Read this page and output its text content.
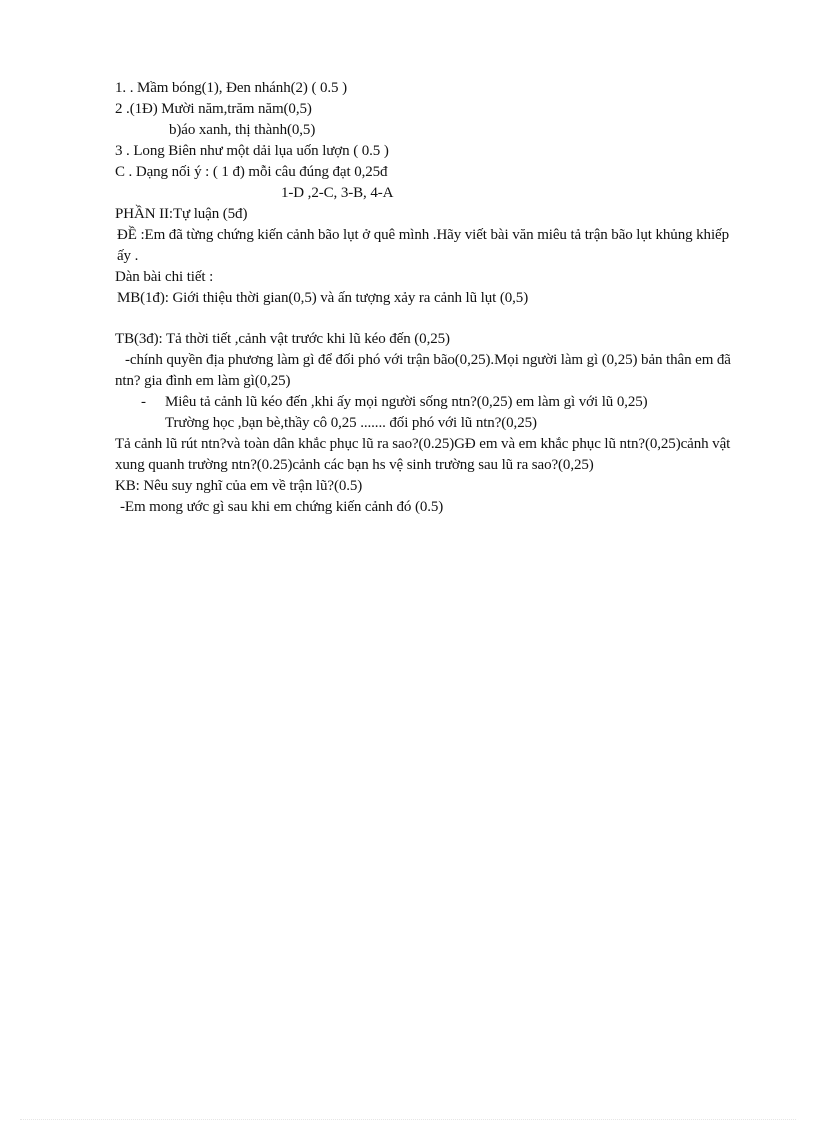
1. . Mầm bóng(1), Đen nhánh(2) ( 0.5 )
2 .(1Đ) Mười năm,trăm năm(0,5)
b)áo xanh, thị thành(0,5)
3 . Long Biên như một dải lụa uốn lượn ( 0.5 )
C . Dạng nối ý : ( 1 đ) mỗi câu đúng đạt 0,25đ
1-D ,2-C, 3-B, 4-A
PHẦN II:Tự luận (5đ)
ĐỀ :Em đã từng chứng kiến cảnh bão lụt ở quê mình .Hãy viết bài văn miêu tả trận bão lụt khủng khiếp ấy .
Dàn bài chi tiết :
MB(1đ): Giới thiệu thời gian(0,5) và ấn tượng xảy ra cảnh lũ lụt (0,5)
TB(3đ): Tả thời tiết ,cảnh vật trước khi lũ kéo đến (0,25)
-chính quyền địa phương làm gì để đối phó với trận bão(0,25).Mọi người làm gì (0,25) bản thân em đã ntn? gia đình em làm gì(0,25)
- Miêu tả cảnh lũ kéo đến ,khi ấy mọi người sống ntn?(0,25) em làm gì với lũ 0,25)
Trường học ,bạn bè,thầy cô 0,25 ....... đối phó với lũ ntn?(0,25)
Tả cảnh lũ rút ntn?và toàn dân khắc phục lũ ra sao?(0.25)GĐ em và em khắc phục lũ ntn?(0,25)cảnh vật xung quanh trường ntn?(0.25)cảnh các bạn hs vệ sinh trường sau lũ ra sao?(0,25)
KB: Nêu suy nghĩ của em về trận lũ?(0.5)
-Em mong ước gì sau khi em chứng kiến cảnh đó (0.5)
